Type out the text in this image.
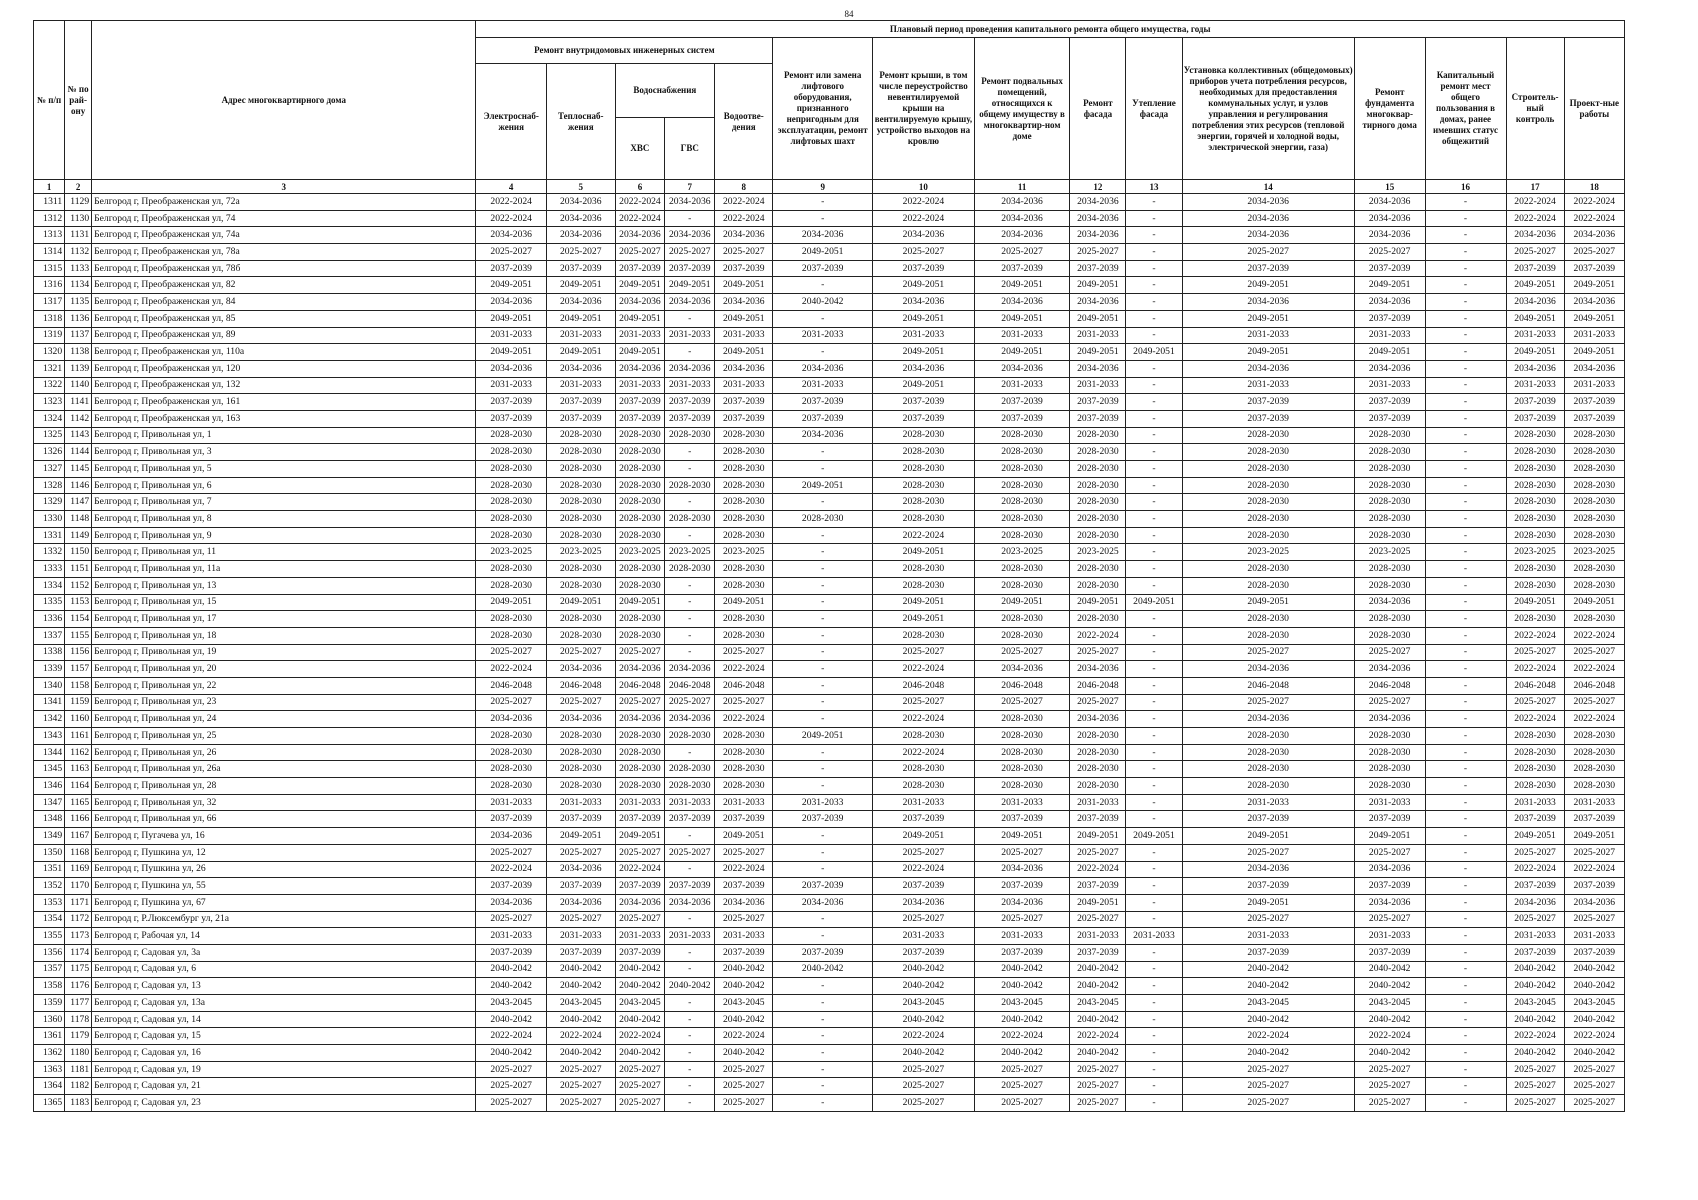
84
№ п/п	№ по рай-ону	Адрес многоквартирного дома	Плановый период проведения капитального ремонта общего имущества, годы														
			Ремонт внутридомовых инженерных систем					Ремонт или замена лифтового оборудования, признанного непригодным для эксплуатации, ремонт лифтовых шахт	Ремонт крыши, в том числе переустройство невентилируемой крыши на вентилируемую крышу, устройство выходов на кровлю	Ремонт подвальных помещений, относящихся к общему имуществу в многоквартир-ном доме	Ремонт фасада	Утепление фасада	Установка коллективных (общедомовых) приборов учета потребления ресурсов, необходимых для предоставления коммунальных услуг, и узлов управления и регулирования потребления этих ресурсов (тепловой энергии, горячей и холодной воды, электрической энергии, газа)	Ремонт фундамента многоквар-тирного дома	Капитальный ремонт мест общего пользования в домах, ранее имевших статус общежитий	Строитель-ный контроль	Проект-ные работы
			Электроснаб-жения	Теплоснаб-жения	Водоснабжения		Водоотве-дения										
					ХВС	ГВС											
1	2	3	4	5	6	7	8	9	10	11	12	13	14	15	16	17	18
1311	1129	Белгород г, Преображенская ул, 72а	2022-2024	2034-2036	2022-2024	2034-2036	2022-2024	-	2022-2024	2034-2036	2034-2036	-	2034-2036	2034-2036	-	2022-2024	2022-2024
1312	1130	Белгород г, Преображенская ул, 74	2022-2024	2034-2036	2022-2024	-	2022-2024	-	2022-2024	2034-2036	2034-2036	-	2034-2036	2034-2036	-	2022-2024	2022-2024
1313	1131	Белгород г, Преображенская ул, 74а	2034-2036	2034-2036	2034-2036	2034-2036	2034-2036	2034-2036	2034-2036	2034-2036	2034-2036	-	2034-2036	2034-2036	-	2034-2036	2034-2036
1314	1132	Белгород г, Преображенская ул, 78а	2025-2027	2025-2027	2025-2027	2025-2027	2025-2027	2049-2051	2025-2027	2025-2027	2025-2027	-	2025-2027	2025-2027	-	2025-2027	2025-2027
1315	1133	Белгород г, Преображенская ул, 78б	2037-2039	2037-2039	2037-2039	2037-2039	2037-2039	2037-2039	2037-2039	2037-2039	2037-2039	-	2037-2039	2037-2039	-	2037-2039	2037-2039
1316	1134	Белгород г, Преображенская ул, 82	2049-2051	2049-2051	2049-2051	2049-2051	2049-2051	-	2049-2051	2049-2051	2049-2051	-	2049-2051	2049-2051	-	2049-2051	2049-2051
1317	1135	Белгород г, Преображенская ул, 84	2034-2036	2034-2036	2034-2036	2034-2036	2034-2036	2040-2042	2034-2036	2034-2036	2034-2036	-	2034-2036	2034-2036	-	2034-2036	2034-2036
1318	1136	Белгород г, Преображенская ул, 85	2049-2051	2049-2051	2049-2051	-	2049-2051	-	2049-2051	2049-2051	2049-2051	-	2049-2051	2037-2039	-	2049-2051	2049-2051
1319	1137	Белгород г, Преображенская ул, 89	2031-2033	2031-2033	2031-2033	2031-2033	2031-2033	2031-2033	2031-2033	2031-2033	2031-2033	-	2031-2033	2031-2033	-	2031-2033	2031-2033
1320	1138	Белгород г, Преображенская ул, 110а	2049-2051	2049-2051	2049-2051	-	2049-2051	-	2049-2051	2049-2051	2049-2051	2049-2051	2049-2051	2049-2051	-	2049-2051	2049-2051
1321	1139	Белгород г, Преображенская ул, 120	2034-2036	2034-2036	2034-2036	2034-2036	2034-2036	2034-2036	2034-2036	2034-2036	2034-2036	-	2034-2036	2034-2036	-	2034-2036	2034-2036
1322	1140	Белгород г, Преображенская ул, 132	2031-2033	2031-2033	2031-2033	2031-2033	2031-2033	2031-2033	2049-2051	2031-2033	2031-2033	-	2031-2033	2031-2033	-	2031-2033	2031-2033
1323	1141	Белгород г, Преображенская ул, 161	2037-2039	2037-2039	2037-2039	2037-2039	2037-2039	2037-2039	2037-2039	2037-2039	2037-2039	-	2037-2039	2037-2039	-	2037-2039	2037-2039
1324	1142	Белгород г, Преображенская ул, 163	2037-2039	2037-2039	2037-2039	2037-2039	2037-2039	2037-2039	2037-2039	2037-2039	2037-2039	-	2037-2039	2037-2039	-	2037-2039	2037-2039
1325	1143	Белгород г, Привольная ул, 1	2028-2030	2028-2030	2028-2030	2028-2030	2028-2030	2034-2036	2028-2030	2028-2030	2028-2030	-	2028-2030	2028-2030	-	2028-2030	2028-2030
1326	1144	Белгород г, Привольная ул, 3	2028-2030	2028-2030	2028-2030	-	2028-2030	-	2028-2030	2028-2030	2028-2030	-	2028-2030	2028-2030	-	2028-2030	2028-2030
1327	1145	Белгород г, Привольная ул, 5	2028-2030	2028-2030	2028-2030	-	2028-2030	-	2028-2030	2028-2030	2028-2030	-	2028-2030	2028-2030	-	2028-2030	2028-2030
1328	1146	Белгород г, Привольная ул, 6	2028-2030	2028-2030	2028-2030	2028-2030	2028-2030	2049-2051	2028-2030	2028-2030	2028-2030	-	2028-2030	2028-2030	-	2028-2030	2028-2030
1329	1147	Белгород г, Привольная ул, 7	2028-2030	2028-2030	2028-2030	-	2028-2030	-	2028-2030	2028-2030	2028-2030	-	2028-2030	2028-2030	-	2028-2030	2028-2030
1330	1148	Белгород г, Привольная ул, 8	2028-2030	2028-2030	2028-2030	2028-2030	2028-2030	2028-2030	2028-2030	2028-2030	2028-2030	-	2028-2030	2028-2030	-	2028-2030	2028-2030
1331	1149	Белгород г, Привольная ул, 9	2028-2030	2028-2030	2028-2030	-	2028-2030	-	2022-2024	2028-2030	2028-2030	-	2028-2030	2028-2030	-	2028-2030	2028-2030
1332	1150	Белгород г, Привольная ул, 11	2023-2025	2023-2025	2023-2025	2023-2025	2023-2025	-	2049-2051	2023-2025	2023-2025	-	2023-2025	2023-2025	-	2023-2025	2023-2025
1333	1151	Белгород г, Привольная ул, 11а	2028-2030	2028-2030	2028-2030	2028-2030	2028-2030	-	2028-2030	2028-2030	2028-2030	-	2028-2030	2028-2030	-	2028-2030	2028-2030
1334	1152	Белгород г, Привольная ул, 13	2028-2030	2028-2030	2028-2030	-	2028-2030	-	2028-2030	2028-2030	2028-2030	-	2028-2030	2028-2030	-	2028-2030	2028-2030
1335	1153	Белгород г, Привольная ул, 15	2049-2051	2049-2051	2049-2051	-	2049-2051	-	2049-2051	2049-2051	2049-2051	2049-2051	2049-2051	2034-2036	-	2049-2051	2049-2051
1336	1154	Белгород г, Привольная ул, 17	2028-2030	2028-2030	2028-2030	-	2028-2030	-	2049-2051	2028-2030	2028-2030	-	2028-2030	2028-2030	-	2028-2030	2028-2030
1337	1155	Белгород г, Привольная ул, 18	2028-2030	2028-2030	2028-2030	-	2028-2030	-	2028-2030	2028-2030	2022-2024	-	2028-2030	2028-2030	-	2022-2024	2022-2024
1338	1156	Белгород г, Привольная ул, 19	2025-2027	2025-2027	2025-2027	-	2025-2027	-	2025-2027	2025-2027	2025-2027	-	2025-2027	2025-2027	-	2025-2027	2025-2027
1339	1157	Белгород г, Привольная ул, 20	2022-2024	2034-2036	2034-2036	2034-2036	2022-2024	-	2022-2024	2034-2036	2034-2036	-	2034-2036	2034-2036	-	2022-2024	2022-2024
1340	1158	Белгород г, Привольная ул, 22	2046-2048	2046-2048	2046-2048	2046-2048	2046-2048	-	2046-2048	2046-2048	2046-2048	-	2046-2048	2046-2048	-	2046-2048	2046-2048
1341	1159	Белгород г, Привольная ул, 23	2025-2027	2025-2027	2025-2027	2025-2027	2025-2027	-	2025-2027	2025-2027	2025-2027	-	2025-2027	2025-2027	-	2025-2027	2025-2027
1342	1160	Белгород г, Привольная ул, 24	2034-2036	2034-2036	2034-2036	2034-2036	2022-2024	-	2022-2024	2028-2030	2034-2036	-	2034-2036	2034-2036	-	2022-2024	2022-2024
1343	1161	Белгород г, Привольная ул, 25	2028-2030	2028-2030	2028-2030	2028-2030	2028-2030	2049-2051	2028-2030	2028-2030	2028-2030	-	2028-2030	2028-2030	-	2028-2030	2028-2030
1344	1162	Белгород г, Привольная ул, 26	2028-2030	2028-2030	2028-2030	-	2028-2030	-	2022-2024	2028-2030	2028-2030	-	2028-2030	2028-2030	-	2028-2030	2028-2030
1345	1163	Белгород г, Привольная ул, 26а	2028-2030	2028-2030	2028-2030	2028-2030	2028-2030	-	2028-2030	2028-2030	2028-2030	-	2028-2030	2028-2030	-	2028-2030	2028-2030
1346	1164	Белгород г, Привольная ул, 28	2028-2030	2028-2030	2028-2030	2028-2030	2028-2030	-	2028-2030	2028-2030	2028-2030	-	2028-2030	2028-2030	-	2028-2030	2028-2030
1347	1165	Белгород г, Привольная ул, 32	2031-2033	2031-2033	2031-2033	2031-2033	2031-2033	2031-2033	2031-2033	2031-2033	2031-2033	-	2031-2033	2031-2033	-	2031-2033	2031-2033
1348	1166	Белгород г, Привольная ул, 66	2037-2039	2037-2039	2037-2039	2037-2039	2037-2039	2037-2039	2037-2039	2037-2039	2037-2039	-	2037-2039	2037-2039	-	2037-2039	2037-2039
1349	1167	Белгород г, Пугачева ул, 16	2034-2036	2049-2051	2049-2051	-	2049-2051	-	2049-2051	2049-2051	2049-2051	2049-2051	2049-2051	2049-2051	-	2049-2051	2049-2051
1350	1168	Белгород г, Пушкина ул, 12	2025-2027	2025-2027	2025-2027	2025-2027	2025-2027	-	2025-2027	2025-2027	2025-2027	-	2025-2027	2025-2027	-	2025-2027	2025-2027
1351	1169	Белгород г, Пушкина ул, 26	2022-2024	2034-2036	2022-2024	-	2022-2024	-	2022-2024	2034-2036	2022-2024	-	2034-2036	2034-2036	-	2022-2024	2022-2024
1352	1170	Белгород г, Пушкина ул, 55	2037-2039	2037-2039	2037-2039	2037-2039	2037-2039	2037-2039	2037-2039	2037-2039	2037-2039	-	2037-2039	2037-2039	-	2037-2039	2037-2039
1353	1171	Белгород г, Пушкина ул, 67	2034-2036	2034-2036	2034-2036	2034-2036	2034-2036	2034-2036	2034-2036	2034-2036	2049-2051	-	2049-2051	2034-2036	-	2034-2036	2034-2036
1354	1172	Белгород г, Р.Люксембург ул, 21а	2025-2027	2025-2027	2025-2027	-	2025-2027	-	2025-2027	2025-2027	2025-2027	-	2025-2027	2025-2027	-	2025-2027	2025-2027
1355	1173	Белгород г, Рабочая ул, 14	2031-2033	2031-2033	2031-2033	2031-2033	2031-2033	-	2031-2033	2031-2033	2031-2033	2031-2033	2031-2033	2031-2033	-	2031-2033	2031-2033
1356	1174	Белгород г, Садовая ул, 3а	2037-2039	2037-2039	2037-2039	-	2037-2039	2037-2039	2037-2039	2037-2039	2037-2039	-	2037-2039	2037-2039	-	2037-2039	2037-2039
1357	1175	Белгород г, Садовая ул, 6	2040-2042	2040-2042	2040-2042	-	2040-2042	2040-2042	2040-2042	2040-2042	2040-2042	-	2040-2042	2040-2042	-	2040-2042	2040-2042
1358	1176	Белгород г, Садовая ул, 13	2040-2042	2040-2042	2040-2042	2040-2042	2040-2042	-	2040-2042	2040-2042	2040-2042	-	2040-2042	2040-2042	-	2040-2042	2040-2042
1359	1177	Белгород г, Садовая ул, 13а	2043-2045	2043-2045	2043-2045	-	2043-2045	-	2043-2045	2043-2045	2043-2045	-	2043-2045	2043-2045	-	2043-2045	2043-2045
1360	1178	Белгород г, Садовая ул, 14	2040-2042	2040-2042	2040-2042	-	2040-2042	-	2040-2042	2040-2042	2040-2042	-	2040-2042	2040-2042	-	2040-2042	2040-2042
1361	1179	Белгород г, Садовая ул, 15	2022-2024	2022-2024	2022-2024	-	2022-2024	-	2022-2024	2022-2024	2022-2024	-	2022-2024	2022-2024	-	2022-2024	2022-2024
1362	1180	Белгород г, Садовая ул, 16	2040-2042	2040-2042	2040-2042	-	2040-2042	-	2040-2042	2040-2042	2040-2042	-	2040-2042	2040-2042	-	2040-2042	2040-2042
1363	1181	Белгород г, Садовая ул, 19	2025-2027	2025-2027	2025-2027	-	2025-2027	-	2025-2027	2025-2027	2025-2027	-	2025-2027	2025-2027	-	2025-2027	2025-2027
1364	1182	Белгород г, Садовая ул, 21	2025-2027	2025-2027	2025-2027	-	2025-2027	-	2025-2027	2025-2027	2025-2027	-	2025-2027	2025-2027	-	2025-2027	2025-2027
1365	1183	Белгород г, Садовая ул, 23	2025-2027	2025-2027	2025-2027	-	2025-2027	-	2025-2027	2025-2027	2025-2027	-	2025-2027	2025-2027	-	2025-2027	2025-2027
